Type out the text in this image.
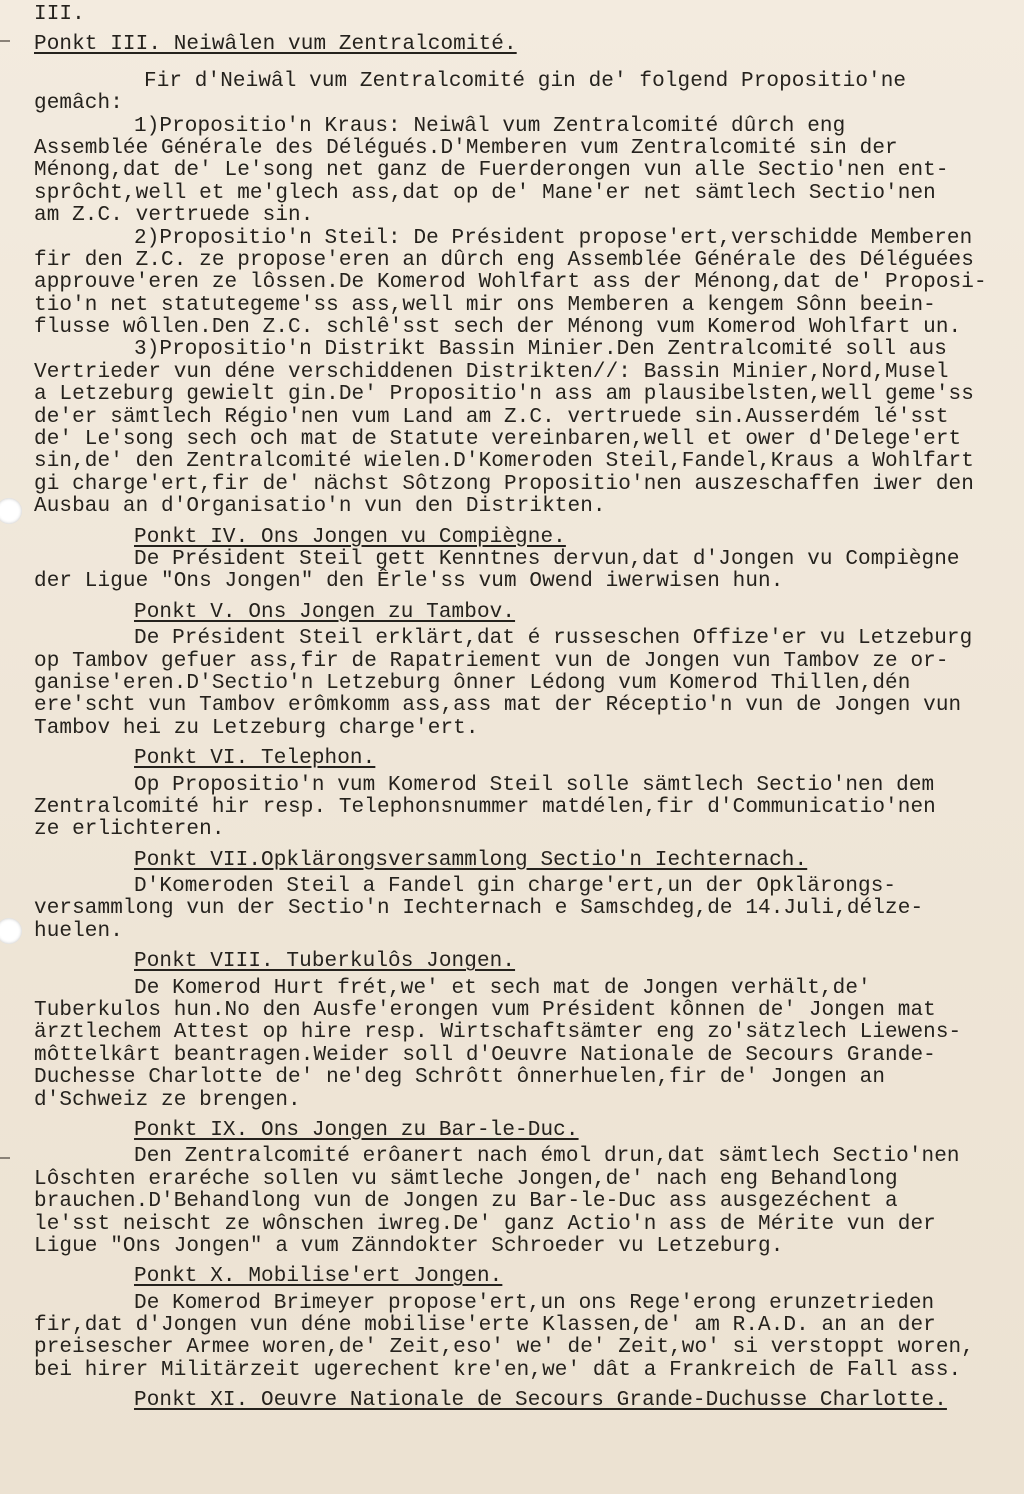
III.
Ponkt III. Neiwâlen vum Zentralcomité.
Fir d'Neiwâl vum Zentralcomité gin de' folgend Propositio'ne
gemâch:
1)Propositio'n Kraus: Neiwâl vum Zentralcomité dûrch eng
Assemblée Générale des Délégués.D'Memberen vum Zentralcomité sin der
Ménong,dat de' Le'song net ganz de Fuerderongen vun alle Sectio'nen ent-
sprôcht,well et me'glech ass,dat op de' Mane'er net sämtlech Sectio'nen
am Z.C. vertruede sin.
2)Propositio'n Steil: De Président propose'ert,verschidde Memberen
fir den Z.C. ze propose'eren an dûrch eng Assemblée Générale des Déléguées
approuve'eren ze lôssen.De Komerod Wohlfart ass der Ménong,dat de' Proposi-
tio'n net statutegeme'ss ass,well mir ons Memberen a kengem Sônn beein-
flusse wôllen.Den Z.C. schlê'sst sech der Ménong vum Komerod Wohlfart un.
3)Propositio'n Distrikt Bassin Minier.Den Zentralcomité soll aus
Vertrieder vun déne verschiddenen Distrikten//: Bassin Minier,Nord,Musel
a Letzeburg gewielt gin.De' Propositio'n ass am plausibelsten,well geme'ss
de'er sämtlech Régio'nen vum Land am Z.C. vertruede sin.Ausserdém lé'sst
de' Le'song sech och mat de Statute vereinbaren,well et ower d'Delege'ert
sin,de' den Zentralcomité wielen.D'Komeroden Steil,Fandel,Kraus a Wohlfart
gi charge'ert,fir de' nächst Sôtzong Propositio'nen auszeschaffen iwer den
Ausbau an d'Organisatio'n vun den Distrikten.
Ponkt IV. Ons Jongen vu Compiègne.
De Président Steil gett Kenntnes dervun,dat d'Jongen vu Compiègne
der Ligue "Ons Jongen" den Êrle'ss vum Owend iwerwisen hun.
Ponkt V. Ons Jongen zu Tambov.
De Président Steil erklärt,dat é russeschen Offize'er vu Letzeburg
op Tambov gefuer ass,fir de Rapatriement vun de Jongen vun Tambov ze or-
ganise'eren.D'Sectio'n Letzeburg ônner Lédong vum Komerod Thillen,dén
ere'scht vun Tambov erômkomm ass,ass mat der Réceptio'n vun de Jongen vun
Tambov hei zu Letzeburg charge'ert.
Ponkt VI. Telephon.
Op Propositio'n vum Komerod Steil solle sämtlech Sectio'nen dem
Zentralcomité hir resp. Telephonsnummer matdélen,fir d'Communicatio'nen
ze erlichteren.
Ponkt VII.Opklärongsversammlong Sectio'n Iechternach.
D'Komeroden Steil a Fandel gin charge'ert,un der Opklärongs-
versammlong vun der Sectio'n Iechternach e Samschdeg,de 14.Juli,délze-
huelen.
Ponkt VIII. Tuberkulôs Jongen.
De Komerod Hurt frét,we' et sech mat de Jongen verhält,de'
Tuberkulos hun.No den Ausfe'erongen vum Président kônnen de' Jongen mat
ärztlechem Attest op hire resp. Wirtschaftsämter eng zo'sätzlech Liewens-
môttelkârt beantragen.Weider soll d'Oeuvre Nationale de Secours Grande-
Duchesse Charlotte de' ne'deg Schrôtt ônnerhuelen,fir de' Jongen an
d'Schweiz ze brengen.
Ponkt IX. Ons Jongen zu Bar-le-Duc.
Den Zentralcomité erôanert nach émol drun,dat sämtlech Sectio'nen
Lôschten eraréche sollen vu sämtleche Jongen,de' nach eng Behandlong
brauchen.D'Behandlong vun de Jongen zu Bar-le-Duc ass ausgezéchent a
le'sst neischt ze wônschen iwreg.De' ganz Actio'n ass de Mérite vun der
Ligue "Ons Jongen" a vum Zänndokter Schroeder vu Letzeburg.
Ponkt X. Mobilise'ert Jongen.
De Komerod Brimeyer propose'ert,un ons Rege'erong erunzetrieden
fir,dat d'Jongen vun déne mobilise'erte Klassen,de' am R.A.D. an an der
preisescher Armee woren,de' Zeit,eso' we' de' Zeit,wo' si verstoppt woren,
bei hirer Militärzeit ugerechent kre'en,we' dât a Frankreich de Fall ass.
Ponkt XI. Oeuvre Nationale de Secours Grande-Duchusse Charlotte.
